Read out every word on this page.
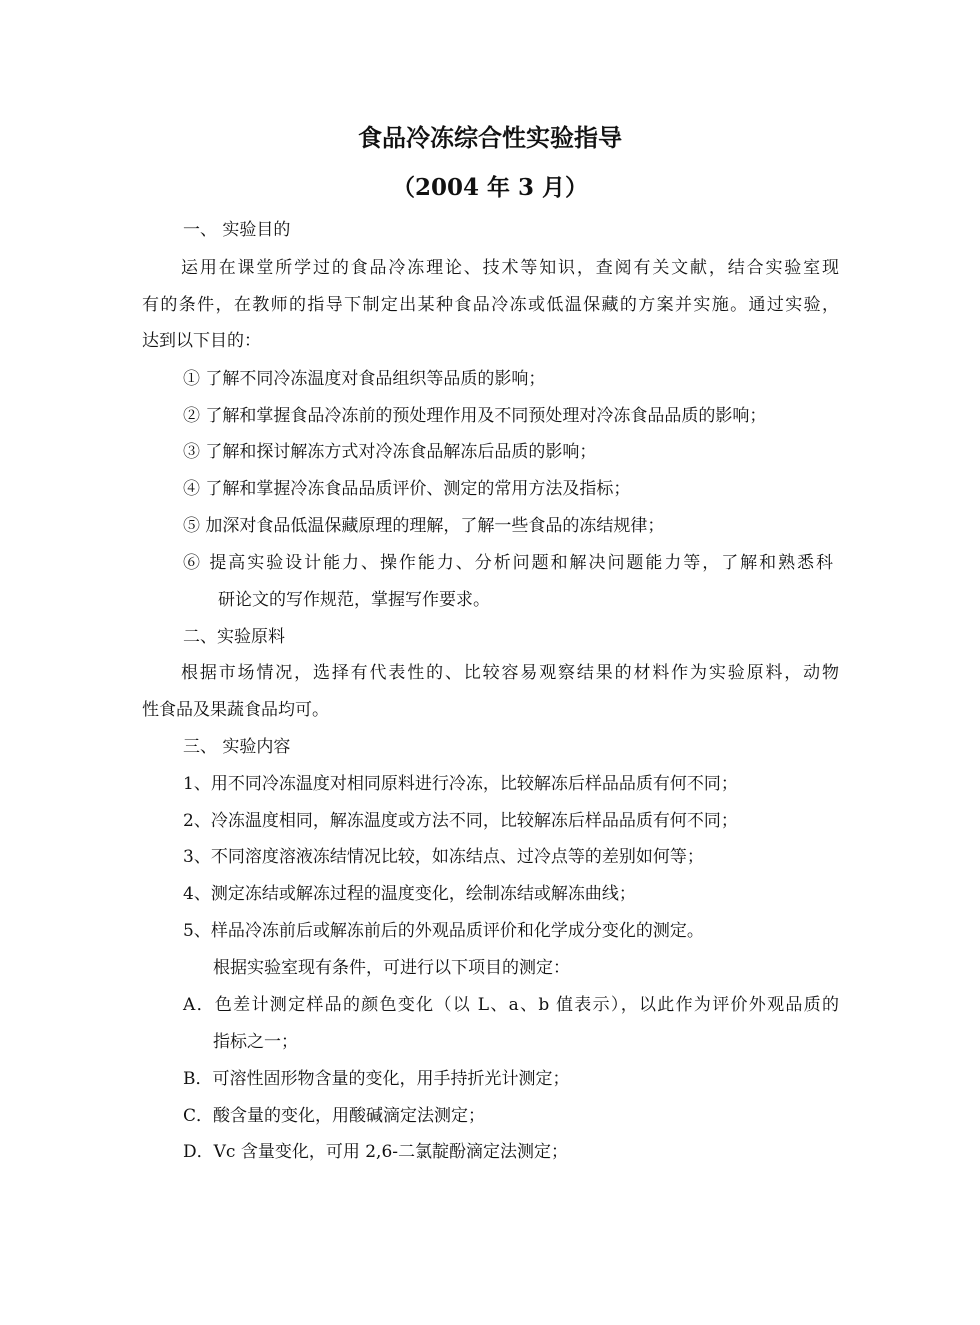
食品冷冻综合性实验指导
（2004 年 3 月）
一、 实验目的
运用在课堂所学过的食品冷冻理论、技术等知识，查阅有关文献，结合实验室现
有的条件，在教师的指导下制定出某种食品冷冻或低温保藏的方案并实施。通过实验，
达到以下目的：
① 了解不同冷冻温度对食品组织等品质的影响；
② 了解和掌握食品冷冻前的预处理作用及不同预处理对冷冻食品品质的影响；
③ 了解和探讨解冻方式对冷冻食品解冻后品质的影响；
④ 了解和掌握冷冻食品品质评价、测定的常用方法及指标；
⑤ 加深对食品低温保藏原理的理解，了解一些食品的冻结规律；
⑥ 提高实验设计能力、操作能力、分析问题和解决问题能力等，了解和熟悉科
研论文的写作规范，掌握写作要求。
二、实验原料
根据市场情况，选择有代表性的、比较容易观察结果的材料作为实验原料，动物
性食品及果蔬食品均可。
三、 实验内容
1、用不同冷冻温度对相同原料进行冷冻，比较解冻后样品品质有何不同；
2、冷冻温度相同，解冻温度或方法不同，比较解冻后样品品质有何不同；
3、不同溶度溶液冻结情况比较，如冻结点、过冷点等的差别如何等；
4、测定冻结或解冻过程的温度变化，绘制冻结或解冻曲线；
5、样品冷冻前后或解冻前后的外观品质评价和化学成分变化的测定。
根据实验室现有条件，可进行以下项目的测定：
A．色差计测定样品的颜色变化（以 L、a、b 值表示），以此作为评价外观品质的
指标之一；
B．可溶性固形物含量的变化，用手持折光计测定；
C．酸含量的变化，用酸碱滴定法测定；
D．Vc 含量变化，可用 2,6-二氯靛酚滴定法测定；
